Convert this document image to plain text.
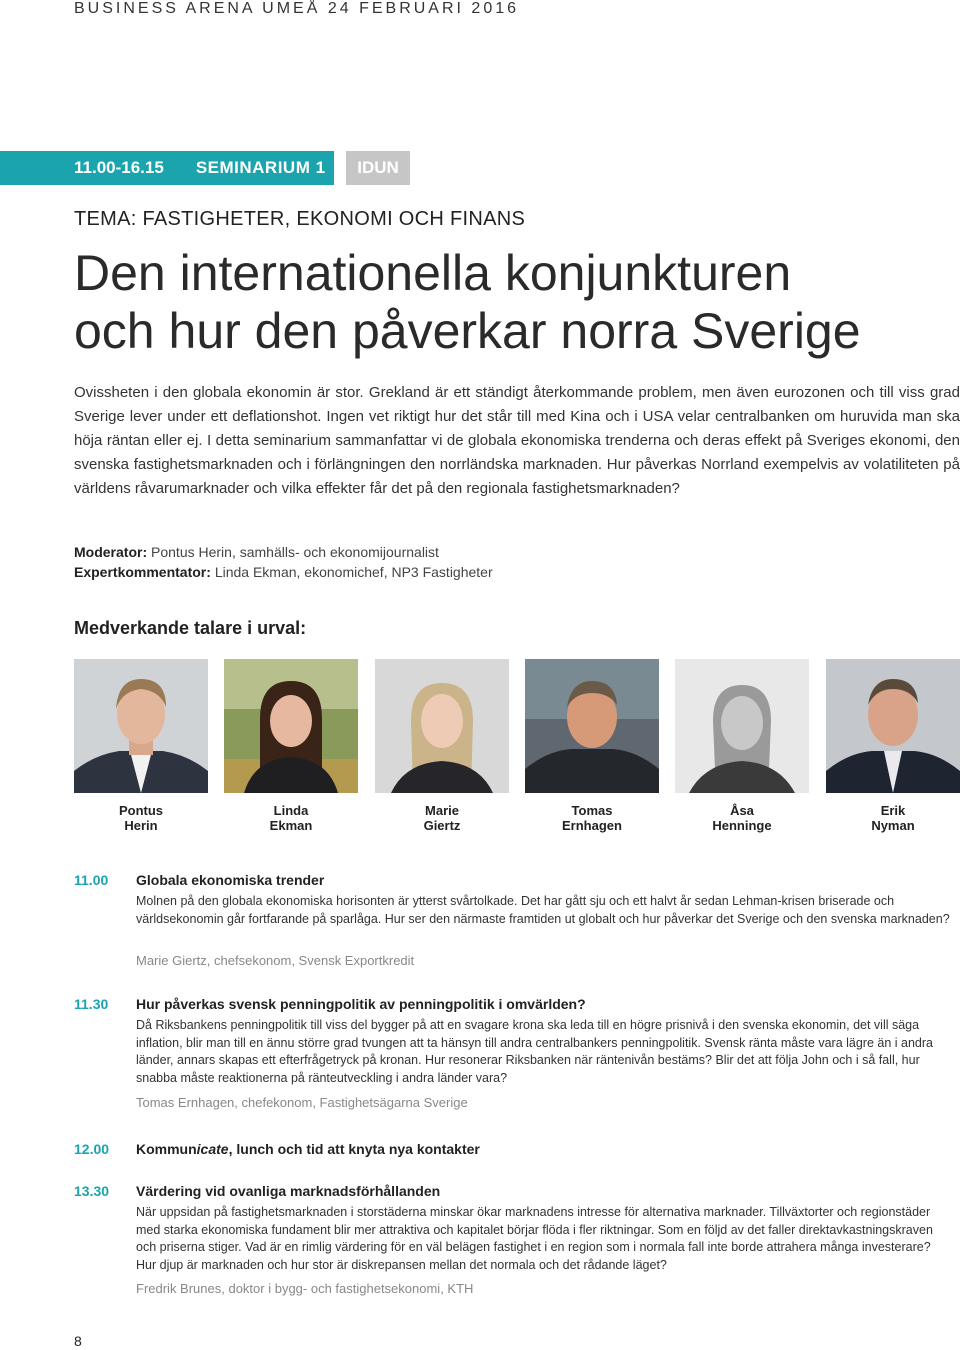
BUSINESS ARENA UMEÅ 24 FEBRUARI 2016
11.00-16.15 SEMINARIUM 1	IDUN
TEMA: FASTIGHETER, EKONOMI OCH FINANS
Den internationella konjunkturen
och hur den påverkar norra Sverige
Ovissheten i den globala ekonomin är stor. Grekland är ett ständigt återkommande problem, men även eurozonen och till viss grad Sverige lever under ett deflationshot. Ingen vet riktigt hur det står till med Kina och i USA velar centralbanken om huruvida man ska höja räntan eller ej. I detta seminarium sammanfattar vi de globala ekonomiska trenderna och deras effekt på Sveriges ekonomi, den svenska fastighetsmarknaden och i förlängningen den norrländska marknaden. Hur påverkas Norrland exempelvis av volatiliteten på världens råvarumarknader och vilka effekter får det på den regionala fastighetsmarknaden?
Moderator: Pontus Herin, samhälls- och ekonomijournalist
Expertkommentator: Linda Ekman, ekonomichef, NP3 Fastigheter
Medverkande talare i urval:
Pontus
Herin
Linda
Ekman
Marie
Giertz
Tomas
Ernhagen
Åsa
Henninge
Erik
Nyman
11.00 Globala ekonomiska trender
Molnen på den globala ekonomiska horisonten är ytterst svårtolkade. Det har gått sju och ett halvt år sedan Lehman-krisen briserade och världsekonomin går fortfarande på sparlåga. Hur ser den närmaste framtiden ut globalt och hur påverkar det Sverige och den svenska marknaden?
Marie Giertz, chefsekonom, Svensk Exportkredit
11.30 Hur påverkas svensk penningpolitik av penningpolitik i omvärlden?
Då Riksbankens penningpolitik till viss del bygger på att en svagare krona ska leda till en högre prisnivå i den svenska ekonomin, det vill säga inflation, blir man till en ännu större grad tvungen att ta hänsyn till andra centralbankers penningpolitik. Svensk ränta måste vara lägre än i andra länder, annars skapas ett efterfrågetryck på kronan. Hur resonerar Riksbanken när räntenivån bestäms? Blir det att följa John och i så fall, hur snabba måste reaktionerna på ränteutveckling i andra länder vara?
Tomas Ernhagen, chefekonom, Fastighetsägarna Sverige
12.00 Kommunicate, lunch och tid att knyta nya kontakter
13.30 Värdering vid ovanliga marknadsförhållanden
När uppsidan på fastighetsmarknaden i storstäderna minskar ökar marknadens intresse för alternativa marknader. Tillväxtorter och regionstäder med starka ekonomiska fundament blir mer attraktiva och kapitalet börjar flöda i fler riktningar. Som en följd av det faller direktavkastningskraven och priserna stiger. Vad är en rimlig värdering för en väl belägen fastighet i en region som i normala fall inte borde attrahera många investerare? Hur djup är marknaden och hur stor är diskrepansen mellan det normala och det rådande läget?
Fredrik Brunes, doktor i bygg- och fastighetsekonomi, KTH
8
